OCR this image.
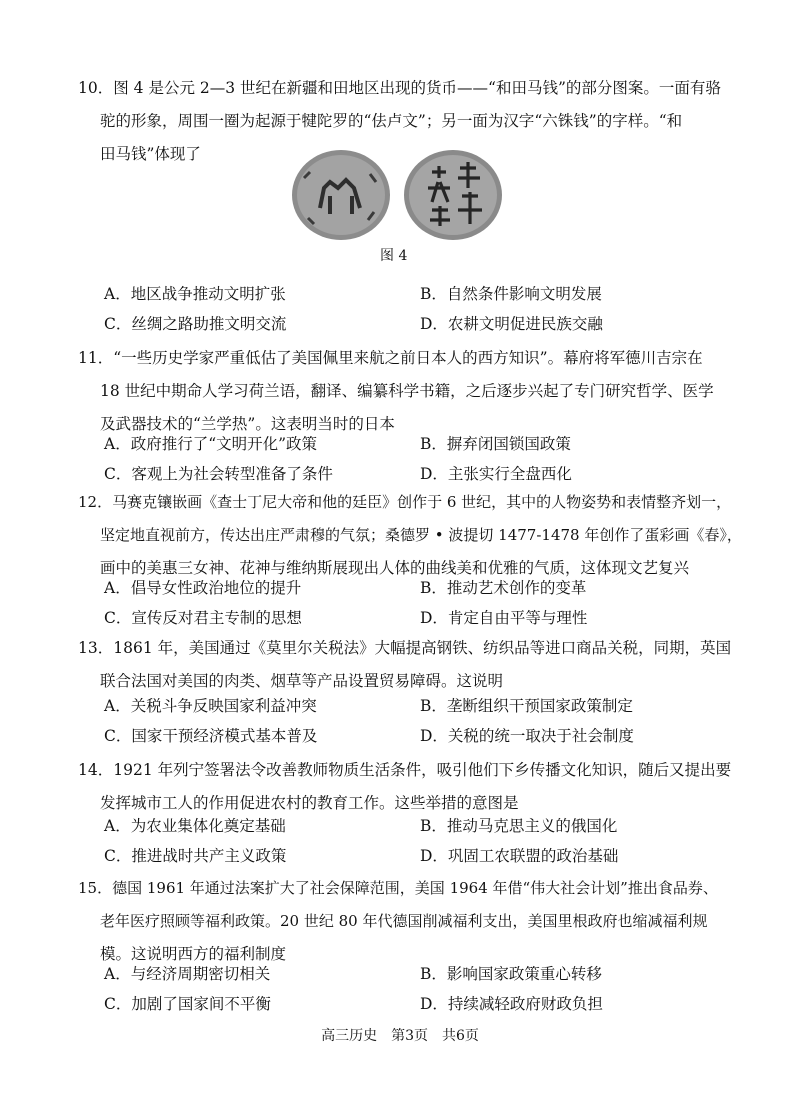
10．图 4 是公元 2—3 世纪在新疆和田地区出现的货币——“和田马钱”的部分图案。一面有骆
驼的形象，周围一圈为起源于犍陀罗的“佉卢文”；另一面为汉字“六铢钱”的字样。“和
田马钱”体现了
图 4
A．地区战争推动文明扩张	B．自然条件影响文明发展
C．丝绸之路助推文明交流	D．农耕文明促进民族交融
11．“一些历史学家严重低估了美国佩里来航之前日本人的西方知识”。幕府将军德川吉宗在
18 世纪中期命人学习荷兰语，翻译、编纂科学书籍，之后逐步兴起了专门研究哲学、医学
及武器技术的“兰学热”。这表明当时的日本
A．政府推行了“文明开化”政策	B．摒弃闭国锁国政策
C．客观上为社会转型准备了条件	D．主张实行全盘西化
12．马赛克镶嵌画《查士丁尼大帝和他的廷臣》创作于 6 世纪，其中的人物姿势和表情整齐划一，
坚定地直视前方，传达出庄严肃穆的气氛；桑德罗 • 波提切 1477-1478 年创作了蛋彩画《春》，
画中的美惠三女神、花神与维纳斯展现出人体的曲线美和优雅的气质，这体现文艺复兴
A．倡导女性政治地位的提升	B．推动艺术创作的变革
C．宣传反对君主专制的思想	D．肯定自由平等与理性
13．1861 年，美国通过《莫里尔关税法》大幅提高钢铁、纺织品等进口商品关税，同期，英国
联合法国对美国的肉类、烟草等产品设置贸易障碍。这说明
A．关税斗争反映国家利益冲突	B．垄断组织干预国家政策制定
C．国家干预经济模式基本普及	D．关税的统一取决于社会制度
14．1921 年列宁签署法令改善教师物质生活条件，吸引他们下乡传播文化知识，随后又提出要
发挥城市工人的作用促进农村的教育工作。这些举措的意图是
A．为农业集体化奠定基础	B．推动马克思主义的俄国化
C．推进战时共产主义政策	D．巩固工农联盟的政治基础
15．德国 1961 年通过法案扩大了社会保障范围，美国 1964 年借“伟大社会计划”推出食品券、
老年医疗照顾等福利政策。20 世纪 80 年代德国削减福利支出，美国里根政府也缩减福利规
模。这说明西方的福利制度
A．与经济周期密切相关	B．影响国家政策重心转移
C．加剧了国家间不平衡	D．持续减轻政府财政负担
高三历史　第3页　共6页
